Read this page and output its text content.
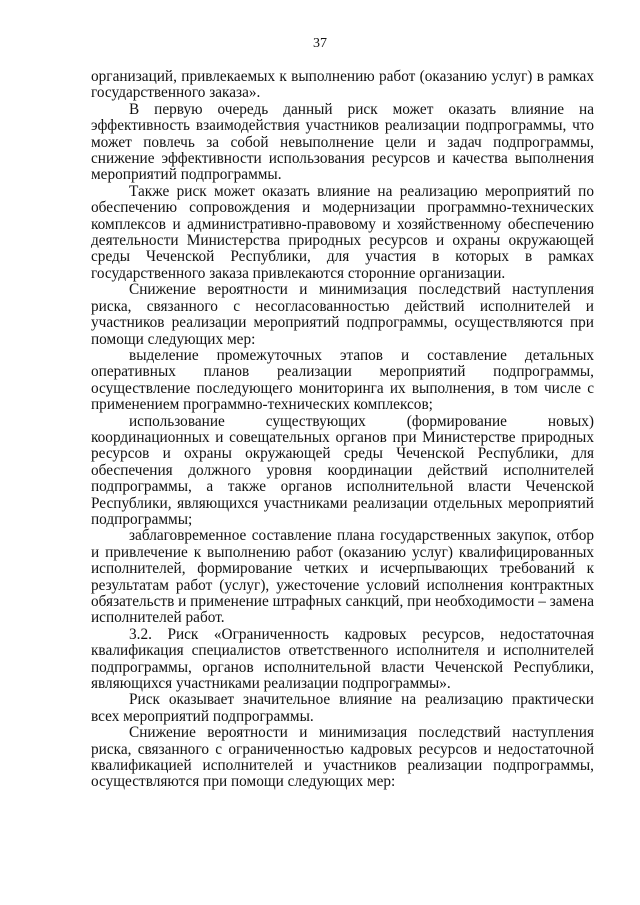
37

организаций, привлекаемых к выполнению работ (оказанию услуг) в рамках государственного заказа».

В первую очередь данный риск может оказать влияние на эффективность взаимодействия участников реализации подпрограммы, что может повлечь за собой невыполнение цели и задач подпрограммы, снижение эффективности использования ресурсов и качества выполнения мероприятий подпрограммы.

Также риск может оказать влияние на реализацию мероприятий по обеспечению сопровождения и модернизации программно-технических комплексов и административно-правовому и хозяйственному обеспечению деятельности Министерства природных ресурсов и охраны окружающей среды Чеченской Республики, для участия в которых в рамках государственного заказа привлекаются сторонние организации.

Снижение вероятности и минимизация последствий наступления риска, связанного с несогласованностью действий исполнителей и участников реализации мероприятий подпрограммы, осуществляются при помощи следующих мер:

выделение промежуточных этапов и составление детальных оперативных планов реализации мероприятий подпрограммы, осуществление последующего мониторинга их выполнения, в том числе с применением программно-технических комплексов;

использование существующих (формирование новых) координационных и совещательных органов при Министерстве природных ресурсов и охраны окружающей среды Чеченской Республики, для обеспечения должного уровня координации действий исполнителей подпрограммы, а также органов исполнительной власти Чеченской Республики, являющихся участниками реализации отдельных мероприятий подпрограммы;

заблаговременное составление плана государственных закупок, отбор и привлечение к выполнению работ (оказанию услуг) квалифицированных исполнителей, формирование четких и исчерпывающих требований к результатам работ (услуг), ужесточение условий исполнения контрактных обязательств и применение штрафных санкций, при необходимости – замена исполнителей работ.

3.2. Риск «Ограниченность кадровых ресурсов, недостаточная квалификация специалистов ответственного исполнителя и исполнителей подпрограммы, органов исполнительной власти Чеченской Республики, являющихся участниками реализации подпрограммы».

Риск оказывает значительное влияние на реализацию практически всех мероприятий подпрограммы.

Снижение вероятности и минимизация последствий наступления риска, связанного с ограниченностью кадровых ресурсов и недостаточной квалификацией исполнителей и участников реализации подпрограммы, осуществляются при помощи следующих мер:
